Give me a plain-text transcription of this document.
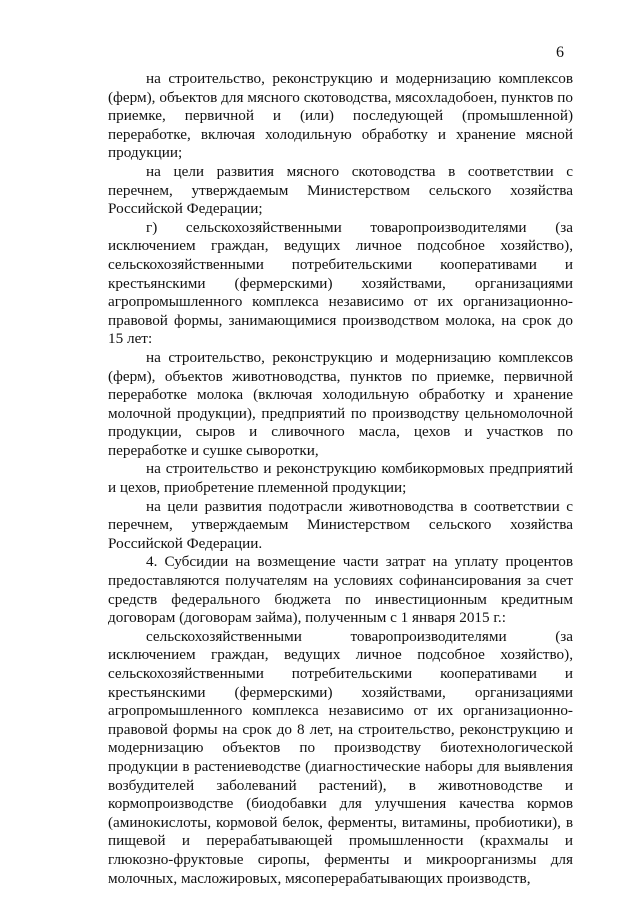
6

на строительство, реконструкцию и модернизацию комплексов (ферм), объектов для мясного скотоводства, мясохладобоен, пунктов по приемке, первичной и (или) последующей (промышленной) переработке, включая холодильную обработку и хранение мясной продукции;

на цели развития мясного скотоводства в соответствии с перечнем, утверждаемым Министерством сельского хозяйства Российской Федерации;

г) сельскохозяйственными товаропроизводителями (за исключением граждан, ведущих личное подсобное хозяйство), сельскохозяйственными потребительскими кооперативами и крестьянскими (фермерскими) хозяйствами, организациями агропромышленного комплекса независимо от их организационно-правовой формы, занимающимися производством молока, на срок до 15 лет:

на строительство, реконструкцию и модернизацию комплексов (ферм), объектов животноводства, пунктов по приемке, первичной переработке молока (включая холодильную обработку и хранение молочной продукции), предприятий по производству цельномолочной продукции, сыров и сливочного масла, цехов и участков по переработке и сушке сыворотки,

на строительство и реконструкцию комбикормовых предприятий и цехов, приобретение племенной продукции;

на цели развития подотрасли животноводства в соответствии с перечнем, утверждаемым Министерством сельского хозяйства Российской Федерации.

4. Субсидии на возмещение части затрат на уплату процентов предоставляются получателям на условиях софинансирования за счет средств федерального бюджета по инвестиционным кредитным договорам (договорам займа), полученным с 1 января 2015 г.:

сельскохозяйственными товаропроизводителями (за исключением граждан, ведущих личное подсобное хозяйство), сельскохозяйственными потребительскими кооперативами и крестьянскими (фермерскими) хозяйствами, организациями агропромышленного комплекса независимо от их организационно-правовой формы на срок до 8 лет, на строительство, реконструкцию и модернизацию объектов по производству биотехнологической продукции в растениеводстве (диагностические наборы для выявления возбудителей заболеваний растений), в животноводстве и кормопроизводстве (биодобавки для улучшения качества кормов (аминокислоты, кормовой белок, ферменты, витамины, пробиотики), в пищевой и перерабатывающей промышленности (крахмалы и глюкозно-фруктовые сиропы, ферменты и микроорганизмы для молочных, масложировых, мясоперерабатывающих производств,
